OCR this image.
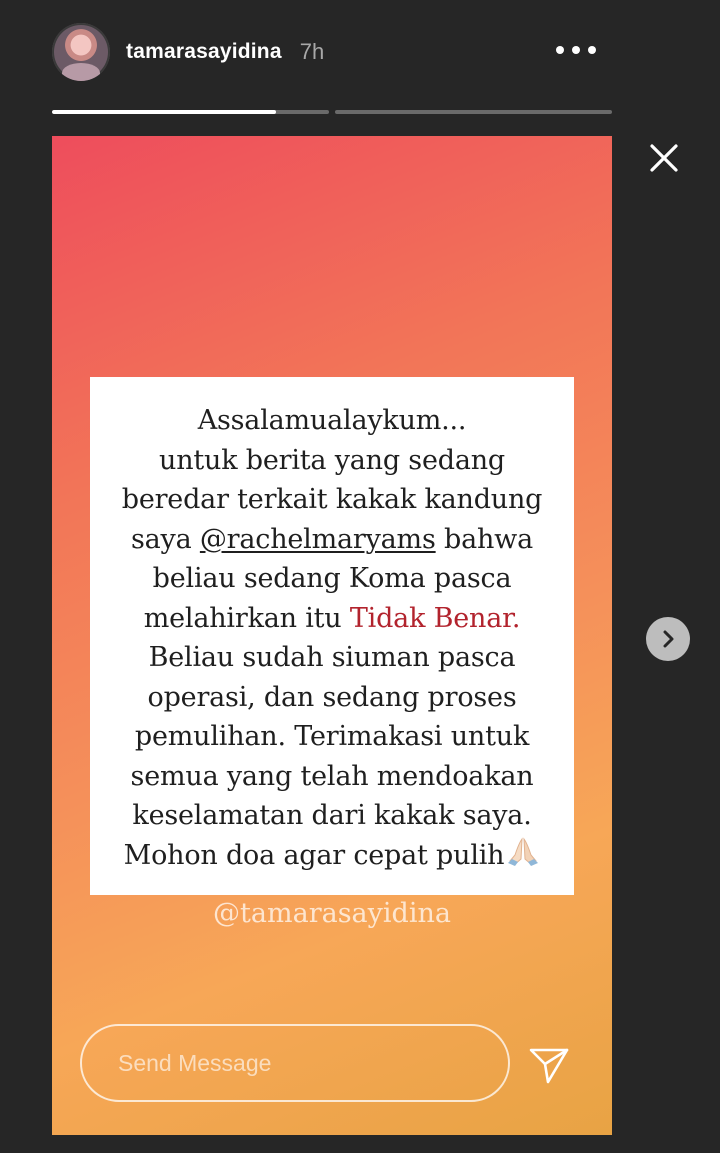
tamarasayidina 7h
Assalamualaykum...
untuk berita yang sedang
beredar terkait kakak kandung
saya @rachelmaryams bahwa
beliau sedang Koma pasca
melahirkan itu Tidak Benar.
Beliau sudah siuman pasca
operasi, dan sedang proses
pemulihan. Terimakasi untuk
semua yang telah mendoakan
keselamatan dari kakak saya.
Mohon doa agar cepat pulih
@tamarasayidina
Send Message
